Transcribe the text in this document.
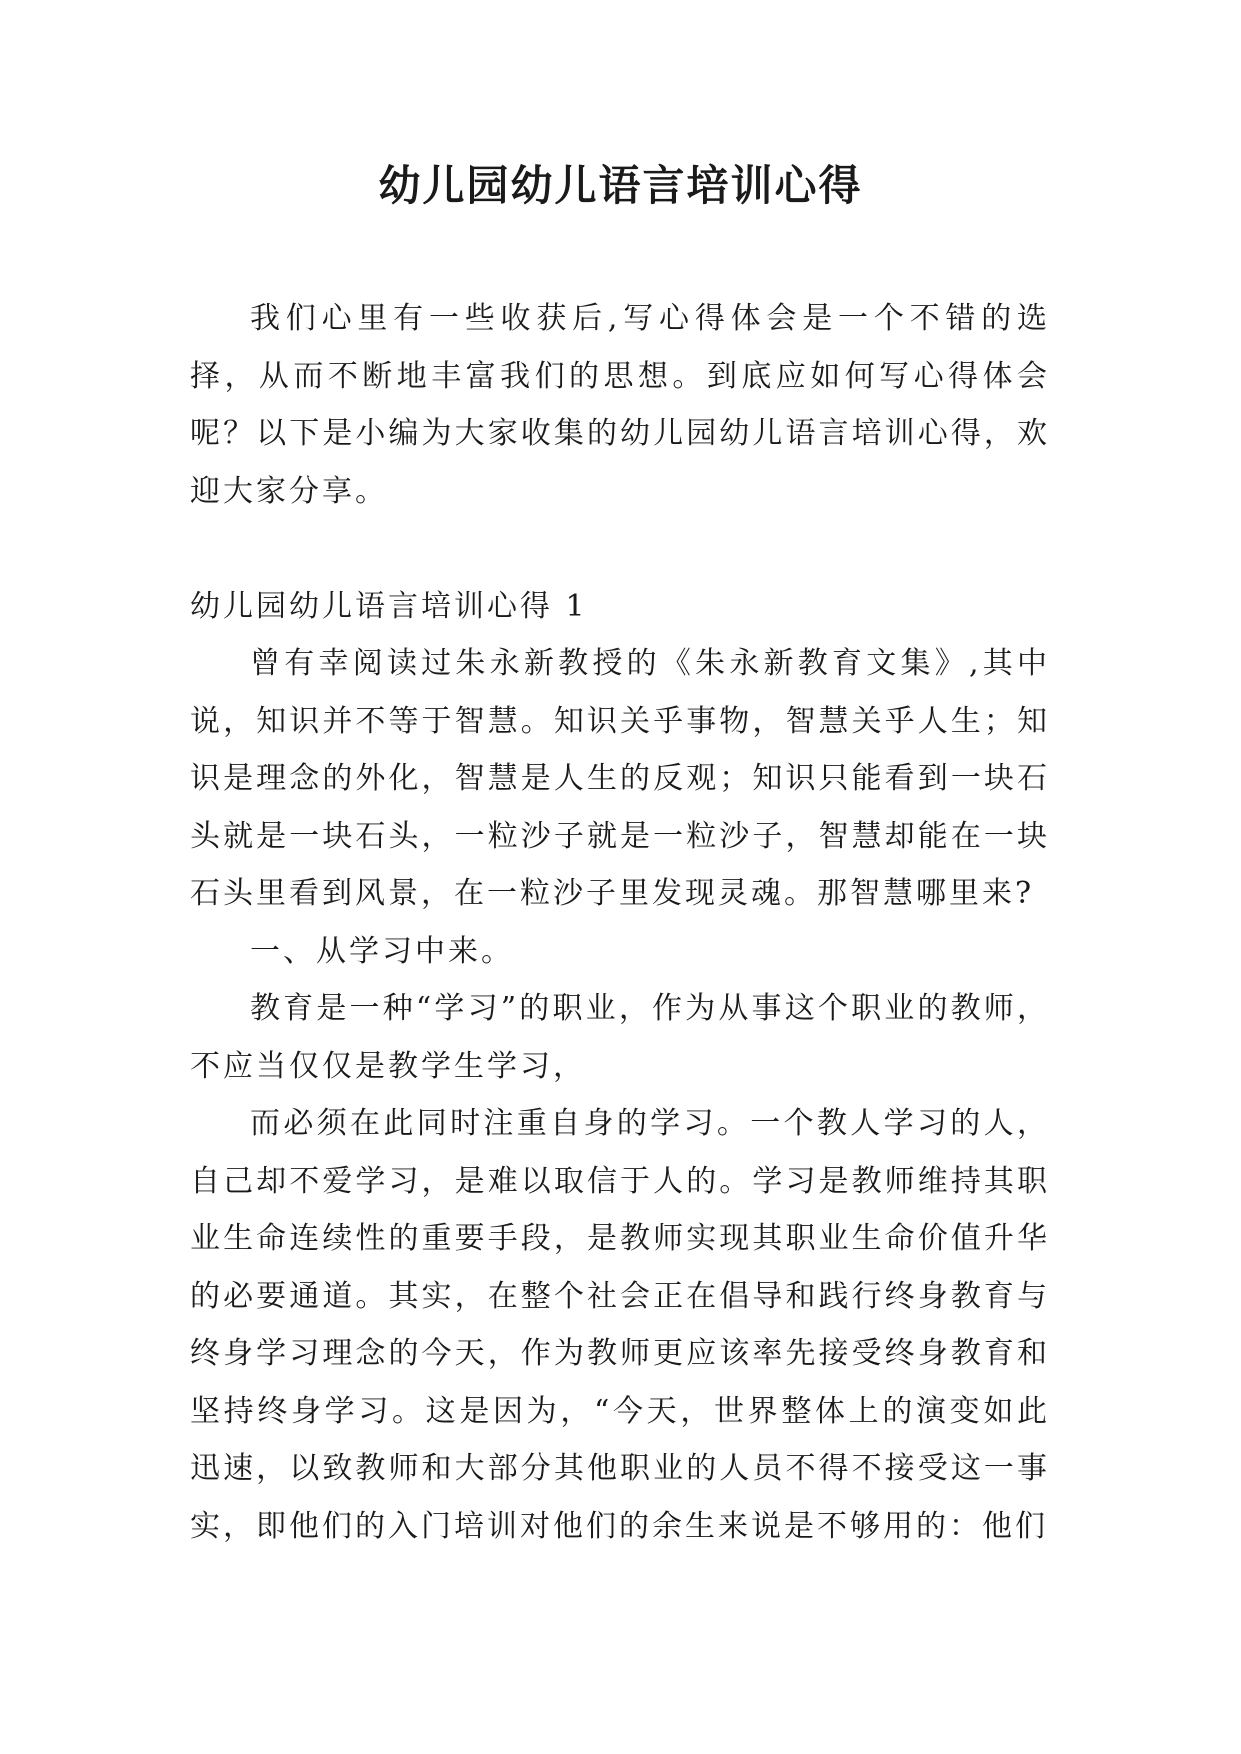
幼儿园幼儿语言培训心得

我们心里有一些收获后,写心得体会是一个不错的选择，从而不断地丰富我们的思想。到底应如何写心得体会呢？以下是小编为大家收集的幼儿园幼儿语言培训心得，欢迎大家分享。

幼儿园幼儿语言培训心得 1

曾有幸阅读过朱永新教授的《朱永新教育文集》,其中说，知识并不等于智慧。知识关乎事物，智慧关乎人生；知识是理念的外化，智慧是人生的反观；知识只能看到一块石头就是一块石头，一粒沙子就是一粒沙子，智慧却能在一块石头里看到风景，在一粒沙子里发现灵魂。那智慧哪里来?

一、从学习中来。

教育是一种“学习”的职业，作为从事这个职业的教师，不应当仅仅是教学生学习，

而必须在此同时注重自身的学习。一个教人学习的人，自己却不爱学习，是难以取信于人的。学习是教师维持其职业生命连续性的重要手段，是教师实现其职业生命价值升华的必要通道。其实，在整个社会正在倡导和践行终身教育与终身学习理念的今天，作为教师更应该率先接受终身教育和坚持终身学习。这是因为，“今天，世界整体上的演变如此迅速，以致教师和大部分其他职业的人员不得不接受这一事实，即他们的入门培训对他们的余生来说是不够用的：他们
